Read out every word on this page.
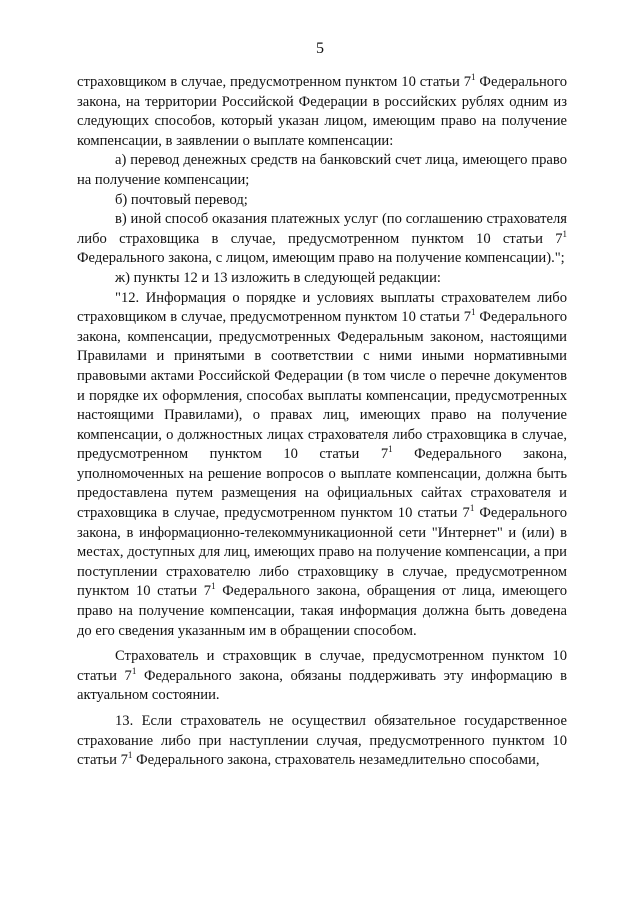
5

страховщиком в случае, предусмотренном пунктом 10 статьи $7^1$ Федерального закона, на территории Российской Федерации в российских рублях одним из следующих способов, который указан лицом, имеющим право на получение компенсации, в заявлении о выплате компенсации:

а) перевод денежных средств на банковский счет лица, имеющего право на получение компенсации;

б) почтовый перевод;

в) иной способ оказания платежных услуг (по соглашению страхователя либо страховщика в случае, предусмотренном пунктом 10 статьи $7^1$ Федерального закона, с лицом, имеющим право на получение компенсации).";

ж) пункты 12 и 13 изложить в следующей редакции:

"12. Информация о порядке и условиях выплаты страхователем либо страховщиком в случае, предусмотренном пунктом 10 статьи $7^1$ Федерального закона, компенсации, предусмотренных Федеральным законом, настоящими Правилами и принятыми в соответствии с ними иными нормативными правовыми актами Российской Федерации (в том числе о перечне документов и порядке их оформления, способах выплаты компенсации, предусмотренных настоящими Правилами), о правах лиц, имеющих право на получение компенсации, о должностных лицах страхователя либо страховщика в случае, предусмотренном пунктом 10 статьи $7^1$ Федерального закона, уполномоченных на решение вопросов о выплате компенсации, должна быть предоставлена путем размещения на официальных сайтах страхователя и страховщика в случае, предусмотренном пунктом 10 статьи $7^1$ Федерального закона, в информационно-телекоммуникационной сети "Интернет" и (или) в местах, доступных для лиц, имеющих право на получение компенсации, а при поступлении страхователю либо страховщику в случае, предусмотренном пунктом 10 статьи $7^1$ Федерального закона, обращения от лица, имеющего право на получение компенсации, такая информация должна быть доведена до его сведения указанным им в обращении способом.

Страхователь и страховщик в случае, предусмотренном пунктом 10 статьи $7^1$ Федерального закона, обязаны поддерживать эту информацию в актуальном состоянии.

13. Если страхователь не осуществил обязательное государственное страхование либо при наступлении случая, предусмотренного пунктом 10 статьи $7^1$ Федерального закона, страхователь незамедлительно способами,
